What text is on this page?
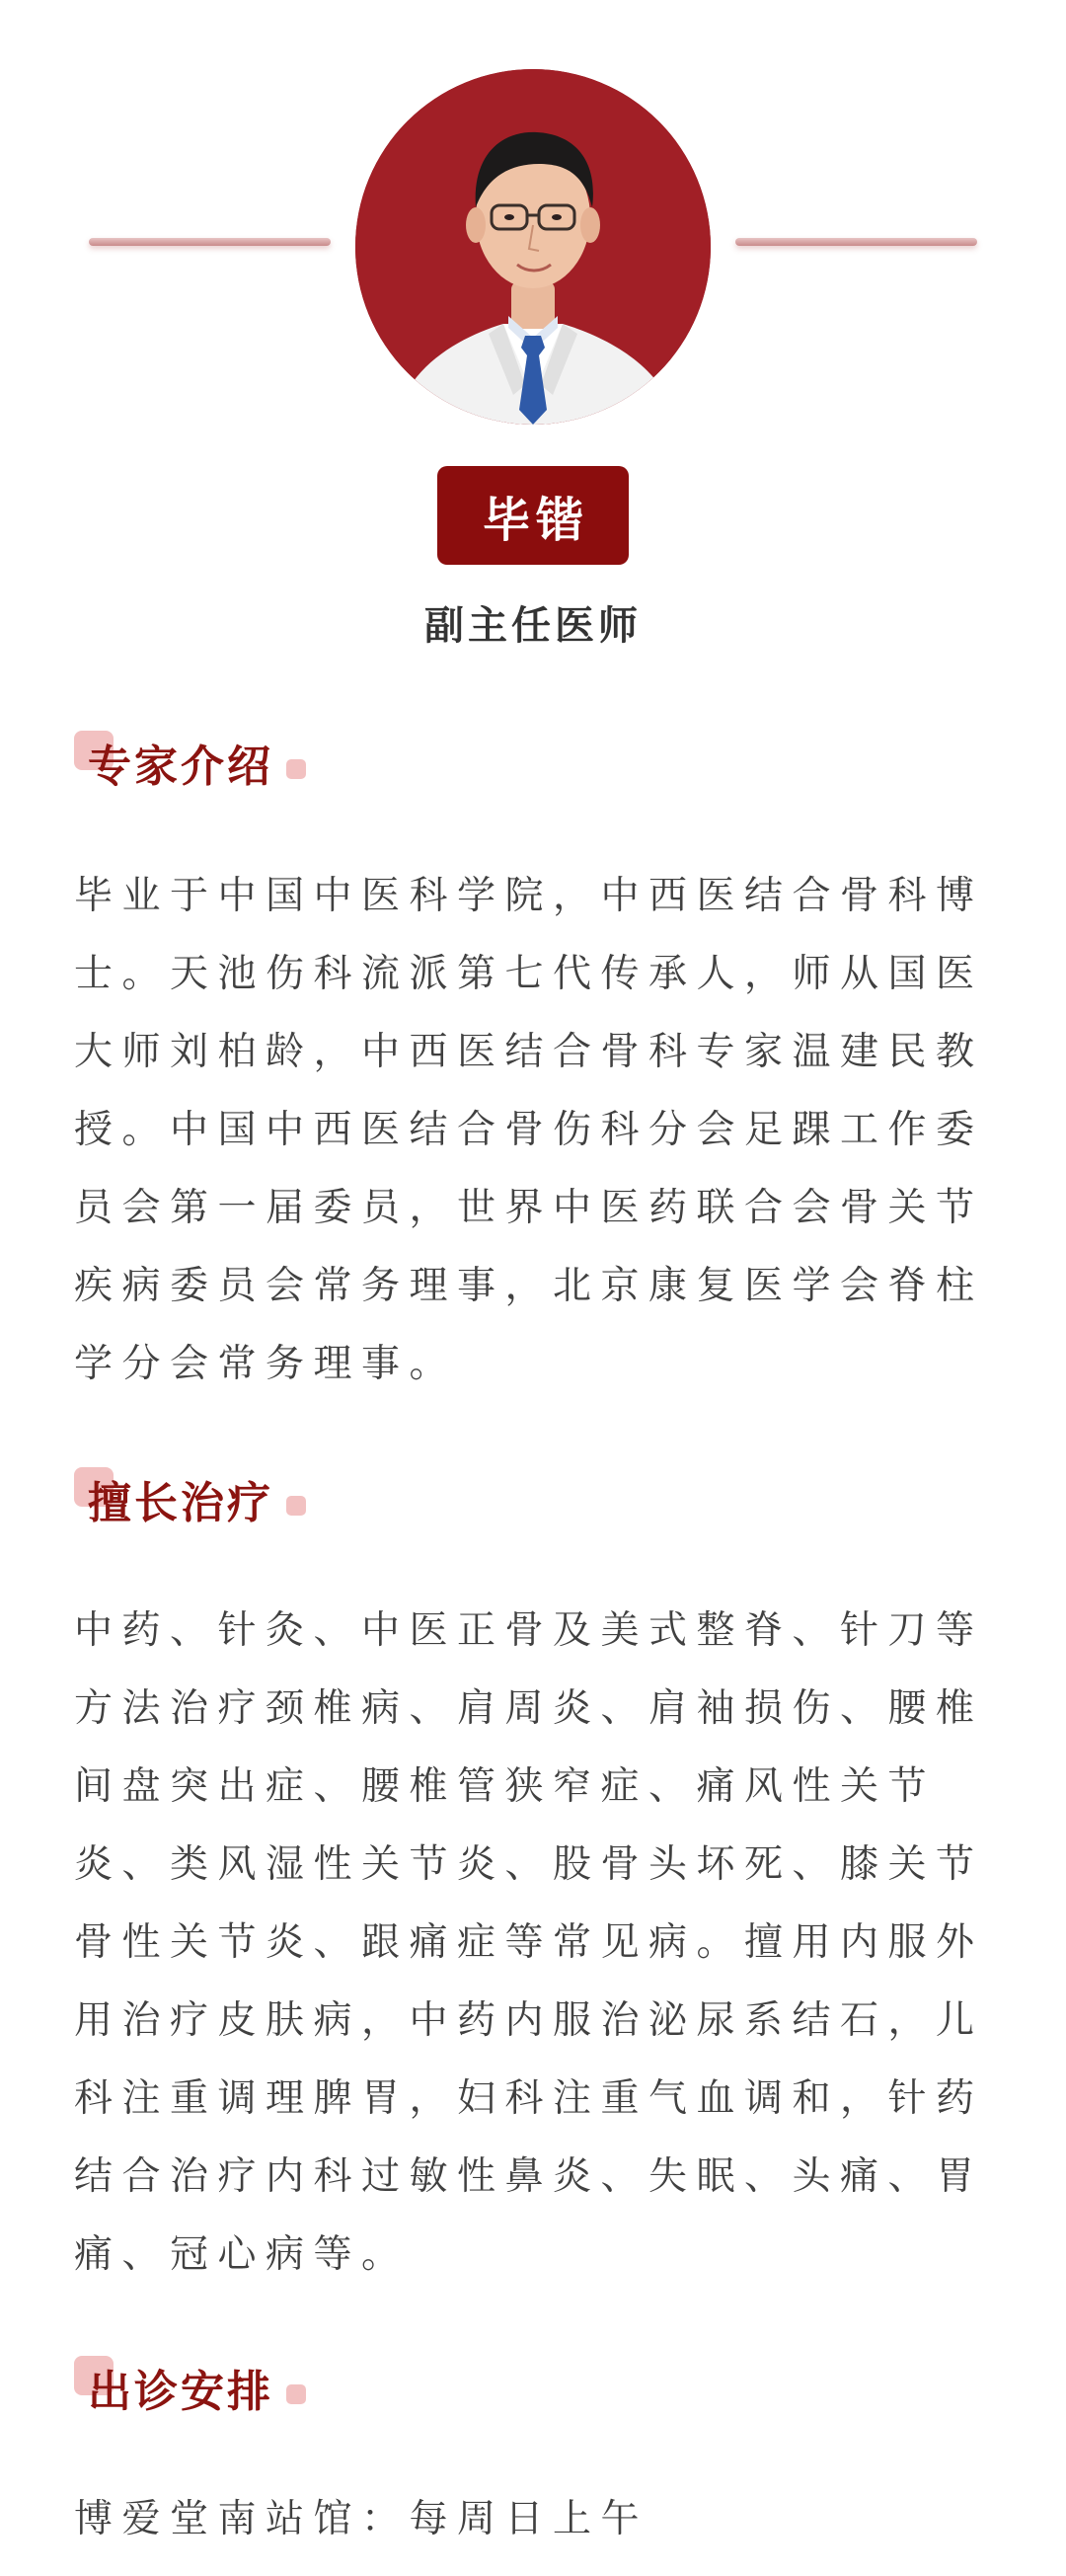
毕锴
副主任医师
专家介绍
毕业于中国中医科学院，中西医结合骨科博
士。天池伤科流派第七代传承人，师从国医
大师刘柏龄，中西医结合骨科专家温建民教
授。中国中西医结合骨伤科分会足踝工作委
员会第一届委员，世界中医药联合会骨关节
疾病委员会常务理事，北京康复医学会脊柱
学分会常务理事。
擅长治疗
中药、针灸、中医正骨及美式整脊、针刀等
方法治疗颈椎病、肩周炎、肩袖损伤、腰椎
间盘突出症、腰椎管狭窄症、痛风性关节
炎、类风湿性关节炎、股骨头坏死、膝关节
骨性关节炎、跟痛症等常见病。擅用内服外
用治疗皮肤病，中药内服治泌尿系结石，儿
科注重调理脾胃，妇科注重气血调和，针药
结合治疗内科过敏性鼻炎、失眠、头痛、胃
痛、冠心病等。
出诊安排
博爱堂南站馆：每周日上午
